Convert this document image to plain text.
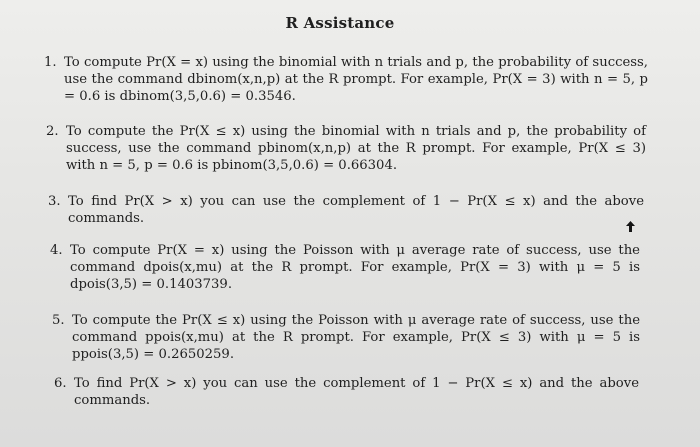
R Assistance
1. To compute Pr(X = x) using the binomial with n trials and p, the probability of success, use the command dbinom(x,n,p) at the R prompt. For example, Pr(X = 3) with n = 5, p = 0.6 is dbinom(3,5,0.6) = 0.3546.
2. To compute the Pr(X ≤ x) using the binomial with n trials and p, the probability of success, use the command pbinom(x,n,p) at the R prompt. For example, Pr(X ≤ 3) with n = 5, p = 0.6 is pbinom(3,5,0.6) = 0.66304.
3. To find Pr(X > x) you can use the complement of 1 − Pr(X ≤ x) and the above commands.
4. To compute Pr(X = x) using the Poisson with μ average rate of success, use the command dpois(x,mu) at the R prompt. For example, Pr(X = 3) with μ = 5 is dpois(3,5) = 0.1403739.
5. To compute the Pr(X ≤ x) using the Poisson with μ average rate of success, use the command ppois(x,mu) at the R prompt. For example, Pr(X ≤ 3) with μ = 5 is ppois(3,5) = 0.2650259.
6. To find Pr(X > x) you can use the complement of 1 − Pr(X ≤ x) and the above commands.
